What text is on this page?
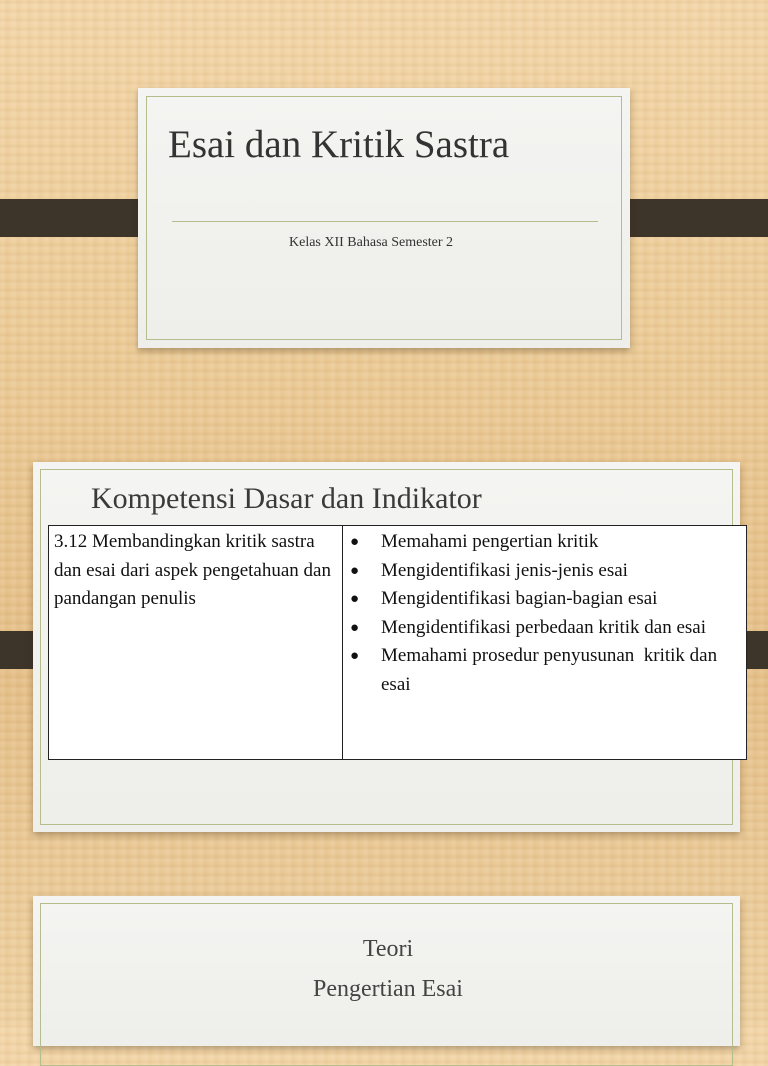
Esai dan Kritik Sastra

Kelas XII Bahasa Semester 2

Kompetensi Dasar dan Indikator
3.12 Membandingkan kritik sastra dan esai dari aspek pengetahuan dan pandangan penulis	
● Memahami pengertian kritik
● Mengidentifikasi jenis-jenis esai
● Mengidentifikasi bagian-bagian esai
● Mengidentifikasi perbedaan kritik dan esai
● Memahami prosedur penyusunan  kritik dan esai
Teori
Pengertian Esai
